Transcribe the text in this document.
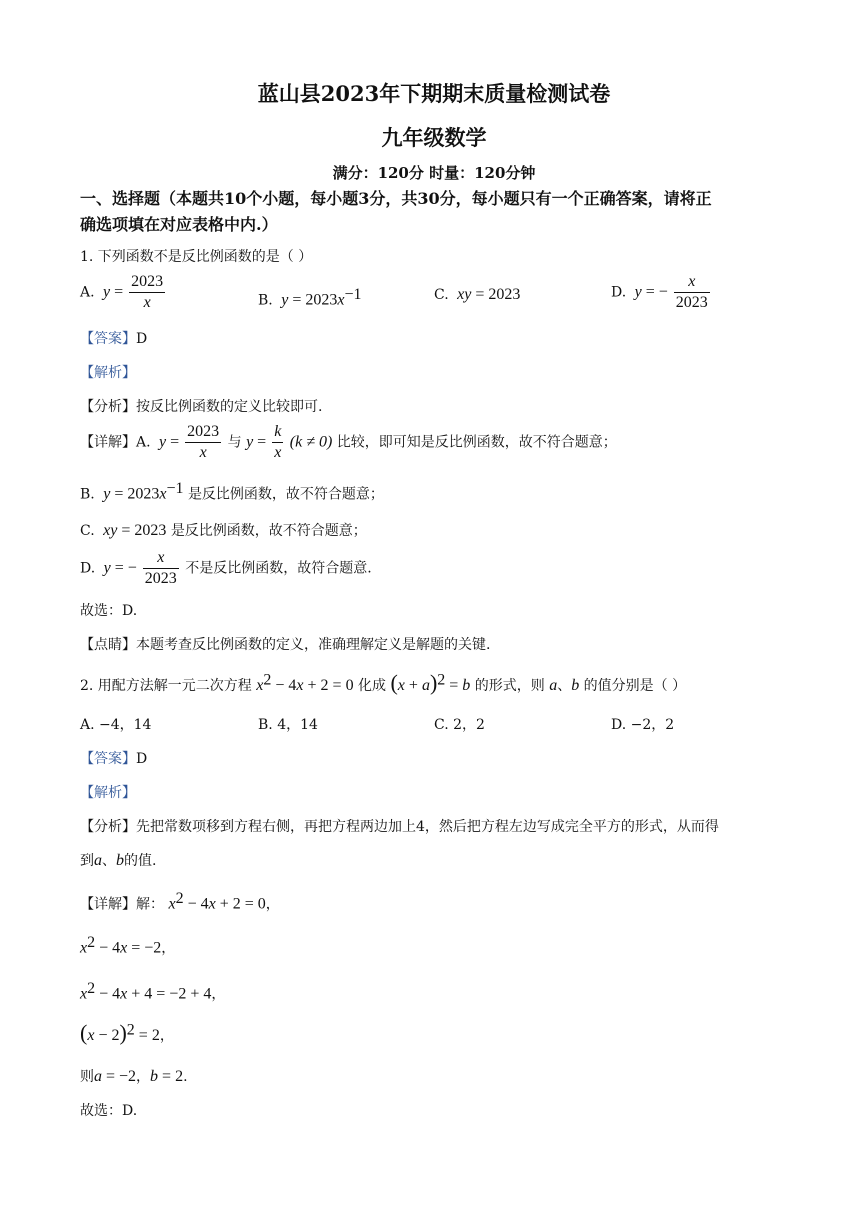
蓝山县2023年下期期末质量检测试卷
九年级数学
满分：120分 时量：120分钟
一、选择题（本题共10个小题，每小题3分，共30分，每小题只有一个正确答案，请将正
确选项填在对应表格中内.）
1. 下列函数不是反比例函数的是（ ）
A.  $y = \frac{2023}{x}$	B.  $y = 2023x^{-1}$	C.  xy = 2023	D.  y = − $\frac{x}{2023}$
【答案】D
【解析】
【分析】按反比例函数的定义比较即可.
【详解】A.  $y = \frac{2023}{x}$ 与 $y = \frac{k}{x} (k \ne 0)$ 比较，即可知是反比例函数，故不符合题意；
B.  $y = 2023x^{-1}$ 是反比例函数，故不符合题意；
C.  xy = 2023 是反比例函数，故不符合题意；
D.  y = − $\frac{x}{2023}$ 不是反比例函数，故符合题意.
故选：D.
【点睛】本题考查反比例函数的定义，准确理解定义是解题的关键.
2. 用配方法解一元二次方程 $x^2 - 4x + 2 = 0$ 化成 $(x + a)^2 = b$ 的形式，则 a、b 的值分别是（ ）
A. −4，14	B. 4，14	C. 2，2	D. −2，2
【答案】D
【解析】
【分析】先把常数项移到方程右侧，再把方程两边加上4，然后把方程左边写成完全平方的形式，从而得
到a、b的值.
【详解】解： $x^2 - 4x + 2 = 0$，
$x^2 - 4x = -2$，
$x^2 - 4x + 4 = -2 + 4$，
$(x - 2)^2 = 2$，
则a = −2，b = 2.
故选：D.
